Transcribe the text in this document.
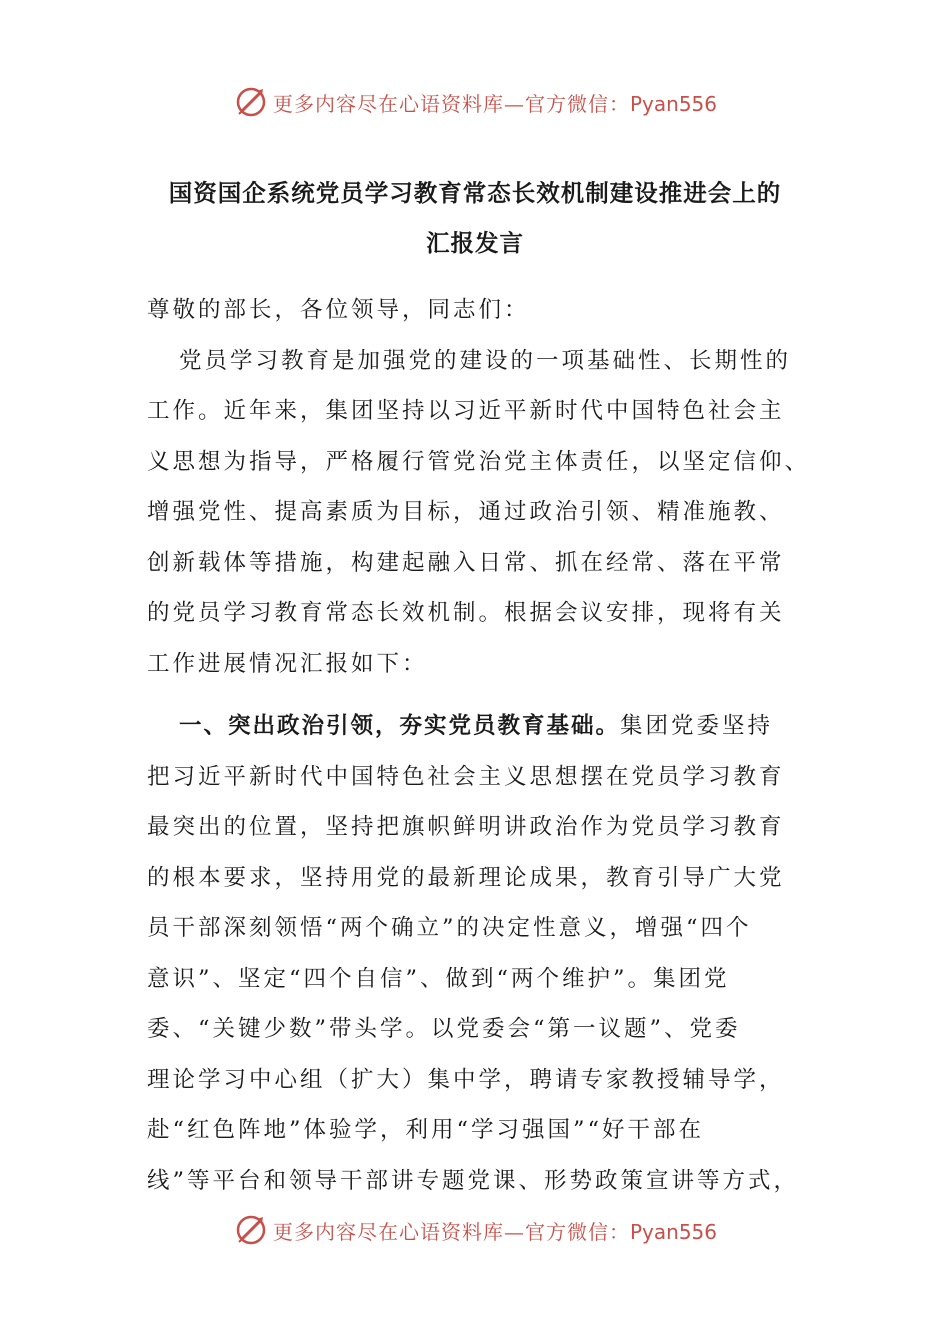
更多内容尽在心语资料库—官方微信：Pyan556
国资国企系统党员学习教育常态长效机制建设推进会上的
汇报发言
尊敬的部长，各位领导，同志们：
党员学习教育是加强党的建设的一项基础性、长期性的
工作。近年来，集团坚持以习近平新时代中国特色社会主
义思想为指导，严格履行管党治党主体责任，以坚定信仰、
增强党性、提高素质为目标，通过政治引领、精准施教、
创新载体等措施，构建起融入日常、抓在经常、落在平常
的党员学习教育常态长效机制。根据会议安排，现将有关
工作进展情况汇报如下：
一、突出政治引领，夯实党员教育基础。集团党委坚持
把习近平新时代中国特色社会主义思想摆在党员学习教育
最突出的位置，坚持把旗帜鲜明讲政治作为党员学习教育
的根本要求，坚持用党的最新理论成果，教育引导广大党
员干部深刻领悟“两个确立”的决定性意义，增强“四个
意识”、坚定“四个自信”、做到“两个维护”。集团党
委、“关键少数”带头学。以党委会“第一议题”、党委
理论学习中心组（扩大）集中学，聘请专家教授辅导学，
赴“红色阵地”体验学，利用“学习强国”“好干部在
线”等平台和领导干部讲专题党课、形势政策宣讲等方式，
更多内容尽在心语资料库—官方微信：Pyan556
